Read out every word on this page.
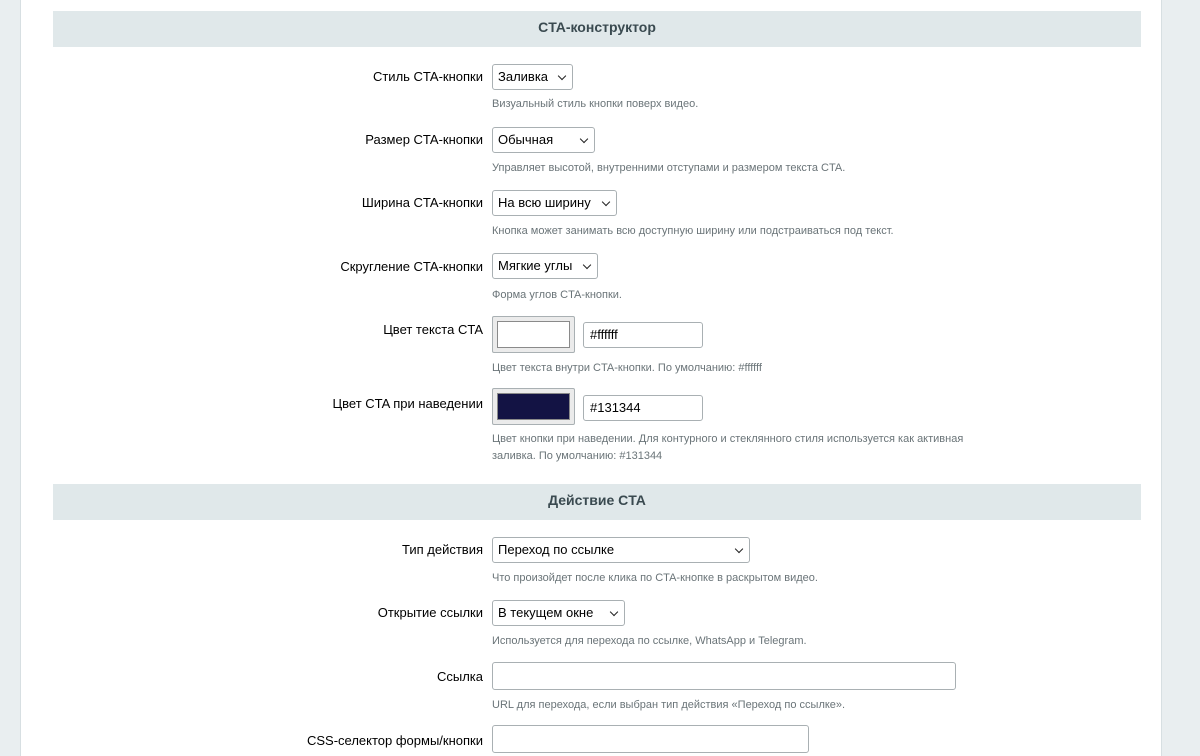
CTA-конструктор
Стиль CTA-кнопки	Заливка
Визуальный стиль кнопки поверх видео.
Размер CTA-кнопки	Обычная
Управляет высотой, внутренними отступами и размером текста CTA.
Ширина CTA-кнопки	На всю ширину
Кнопка может занимать всю доступную ширину или подстраиваться под текст.
Скругление CTA-кнопки	Мягкие углы
Форма углов CTA-кнопки.
Цвет текста CTA	#ffffff
Цвет текста внутри CTA-кнопки. По умолчанию: #ffffff
Цвет CTA при наведении	#131344
Цвет кнопки при наведении. Для контурного и стеклянного стиля используется как активная
заливка. По умолчанию: #131344
Действие CTA
Тип действия	Переход по ссылке
Что произойдет после клика по CTA-кнопке в раскрытом видео.
Открытие ссылки	В текущем окне
Используется для перехода по ссылке, WhatsApp и Telegram.
Ссылка
URL для перехода, если выбран тип действия «Переход по ссылке».
CSS-селектор формы/кнопки
